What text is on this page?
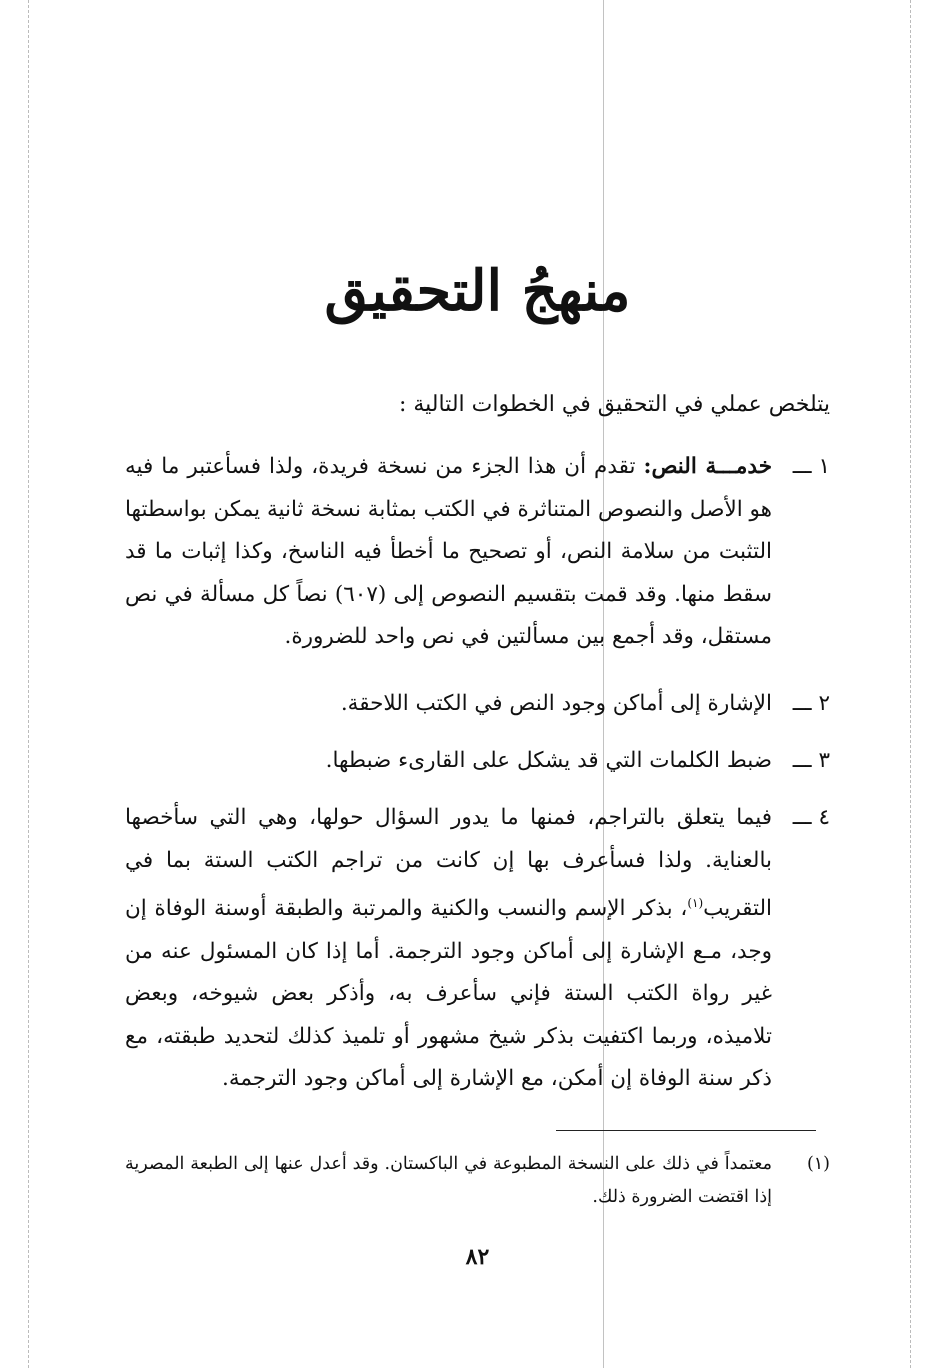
منهجُ التحقيق
يتلخص عملي في التحقيق في الخطوات التالية :
١ ـــ
خدمـــة النص: تقدم أن هذا الجزء من نسخة فريدة، ولذا فسأعتبر ما فيه هو الأصل والنصوص المتناثرة في الكتب بمثابة نسخة ثانية يمكن بواسطتها التثبت من سلامة النص، أو تصحيح ما أخطأ فيه الناسخ، وكذا إثبات ما قد سقط منها. وقد قمت بتقسيم النصوص إلى (٦٠٧) نصاً كل مسألة في نص مستقل، وقد أجمع بين مسألتين في نص واحد للضرورة.
٢ ـــ
الإشارة إلى أماكن وجود النص في الكتب اللاحقة.
٣ ـــ
ضبط الكلمات التي قد يشكل على القارىء ضبطها.
٤ ـــ
فيما يتعلق بالتراجم، فمنها ما يدور السؤال حولها، وهي التي سأخصها بالعناية. ولذا فسأعرف بها إن كانت من تراجم الكتب الستة بما في التقريب$^{(١)}$، بذكر الإسم والنسب والكنية والمرتبة والطبقة أوسنة الوفاة إن وجد، مـع الإشارة إلى أماكن وجود الترجمة. أما إذا كان المسئول عنه من غير رواة الكتب الستة فإني سأعرف به، وأذكر بعض شيوخه، وبعض تلاميذه، وربما اكتفيت بذكر شيخ مشهور أو تلميذ كذلك لتحديد طبقته، مع ذكر سنة الوفاة إن أمكن، مع الإشارة إلى أماكن وجود الترجمة.
(١)
معتمداً في ذلك على النسخة المطبوعة في الباكستان. وقد أعدل عنها إلى الطبعة المصرية إذا اقتضت الضرورة ذلك.
٨٢
